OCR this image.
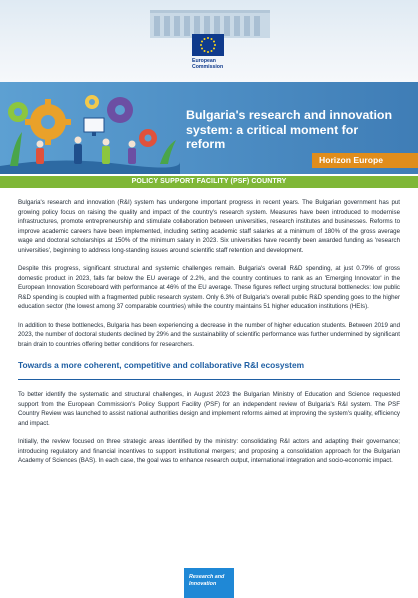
European
Commission
Bulgaria's research and innovation system: a critical moment for reform
Horizon Europe
POLICY SUPPORT FACILITY (PSF) COUNTRY

Bulgaria's research and innovation (R&I) system has undergone important progress in recent years. The Bulgarian government has put growing policy focus on raising the quality and impact of the country's research system. Measures have been introduced to modernise infrastructures, promote entrepreneurship and stimulate collaboration between universities, research institutes and businesses. Reforms to improve academic careers have been implemented, including setting academic staff salaries at a minimum of 180% of the gross average wage and doctoral scholarships at 150% of the minimum salary in 2023. Six universities have recently been awarded funding as 'research universities', beginning to address long-standing issues around scientific staff retention and development.

Despite this progress, significant structural and systemic challenges remain. Bulgaria's overall R&D spending, at just 0.79% of gross domestic product in 2023, falls far below the EU average of 2.2%, and the country continues to rank as an 'Emerging Innovator' in the European Innovation Scoreboard with performance at 46% of the EU average. These figures reflect urging structural bottlenecks: low public R&D spending is coupled with a fragmented public research system. Only 6.3% of Bulgaria's overall public R&D spending goes to the higher education sector (the lowest among 37 comparable countries) while the country maintains 51 higher education institutions (HEIs).

In addition to these bottlenecks, Bulgaria has been experiencing a decrease in the number of higher education students. Between 2019 and 2023, the number of doctoral students declined by 29% and the sustainability of scientific performance was further undermined by significant brain drain to countries offering better conditions for researchers.

Towards a more coherent, competitive and collaborative R&I ecosystem

To better identify the systematic and structural challenges, in August 2023 the Bulgarian Ministry of Education and Science requested support from the European Commission's Policy Support Facility (PSF) for an independent review of Bulgaria's R&I system. The PSF Country Review was launched to assist national authorities design and implement reforms aimed at improving the system's quality, efficiency and impact.

Initially, the review focused on three strategic areas identified by the ministry: consolidating R&I actors and adapting their governance; introducing regulatory and financial incentives to support institutional mergers; and proposing a consolidation approach for the Bulgarian Academy of Sciences (BAS). In each case, the goal was to enhance research output, international integration and socio-economic impact.

Research and
Innovation
